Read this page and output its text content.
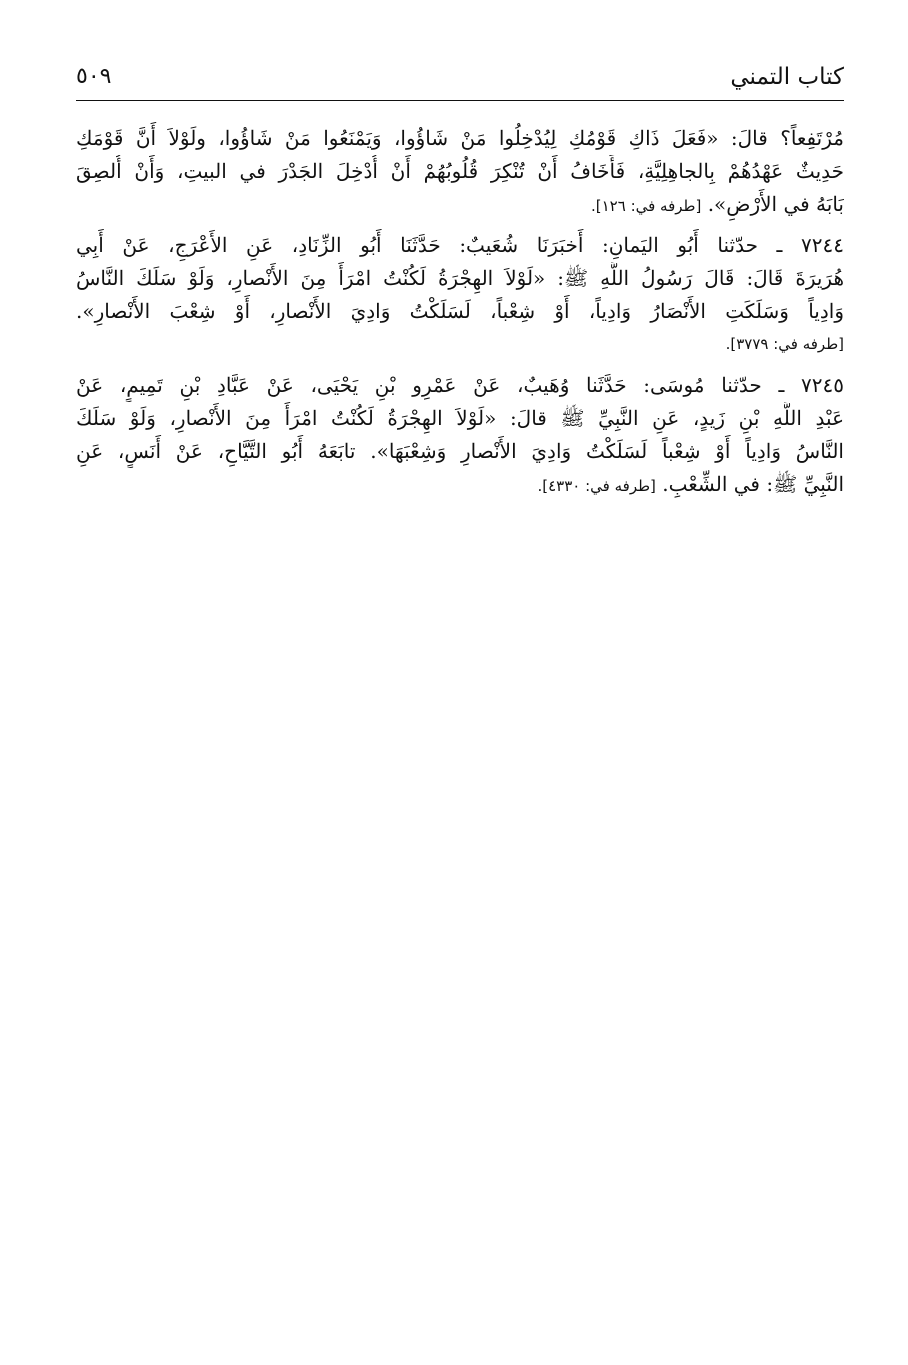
كتاب التمني
٥٠٩
مُرْتَفِعاً؟ قالَ: «فَعَلَ ذَاكِ قَوْمُكِ لِيُدْخِلُوا مَنْ شَاؤُوا، وَيَمْنَعُوا مَنْ شَاؤُوا، ولَوْلاَ أَنَّ قَوْمَكِ
حَدِيثٌ عَهْدُهُمْ بِالجاهِلِيَّةِ، فَأَخَافُ أَنْ تُنْكِرَ قُلُوبُهُمْ أَنْ أُدْخِلَ الجَدْرَ في البيتِ، وَأَنْ أُلصِقَ
بَابَهُ في الأَرْضِ». [طرفه في: ١٢٦].
٧٢٤٤ ـ حدّثنا أَبُو اليَمانِ: أَخبَرَنَا شُعَيبٌ: حَدَّثَنَا أَبُو الزِّنَادِ، عَنِ الأَعْرَجِ، عَنْ أَبِي
هُرَيرَةَ قَالَ: قَالَ رَسُولُ اللَّهِ ﷺ: «لَوْلاَ الهِجْرَةُ لَكُنْتُ امْرَأً مِنَ الأَنْصارِ، وَلَوْ سَلَكَ النَّاسُ
وَادِياً وَسَلَكَتِ الأَنْصَارُ وَادِياً، أَوْ شِعْباً، لَسَلَكْتُ وَادِيَ الأَنْصارِ، أَوْ شِعْبَ الأَنْصارِ».
[طرفه في: ٣٧٧٩].
٧٢٤٥ ـ حدّثنا مُوسَى: حَدَّثَنا وُهَيبٌ، عَنْ عَمْرِو بْنِ يَحْيَى، عَنْ عَبَّادِ بْنِ تَمِيمٍ، عَنْ
عَبْدِ اللَّهِ بْنِ زَيدٍ، عَنِ النَّبِيِّ ﷺ قالَ: «لَوْلاَ الهِجْرَةُ لَكُنْتُ امْرَأً مِنَ الأَنْصارِ، وَلَوْ سَلَكَ
النَّاسُ وَادِياً أَوْ شِعْباً لَسَلَكْتُ وَادِيَ الأَنْصارِ وَشِعْبَهَا». تابَعَهُ أَبُو التَّيَّاحِ، عَنْ أَنَسٍ، عَنِ
النَّبِيِّ ﷺ: في الشِّعْبِ. [طرفه في: ٤٣٣٠].
